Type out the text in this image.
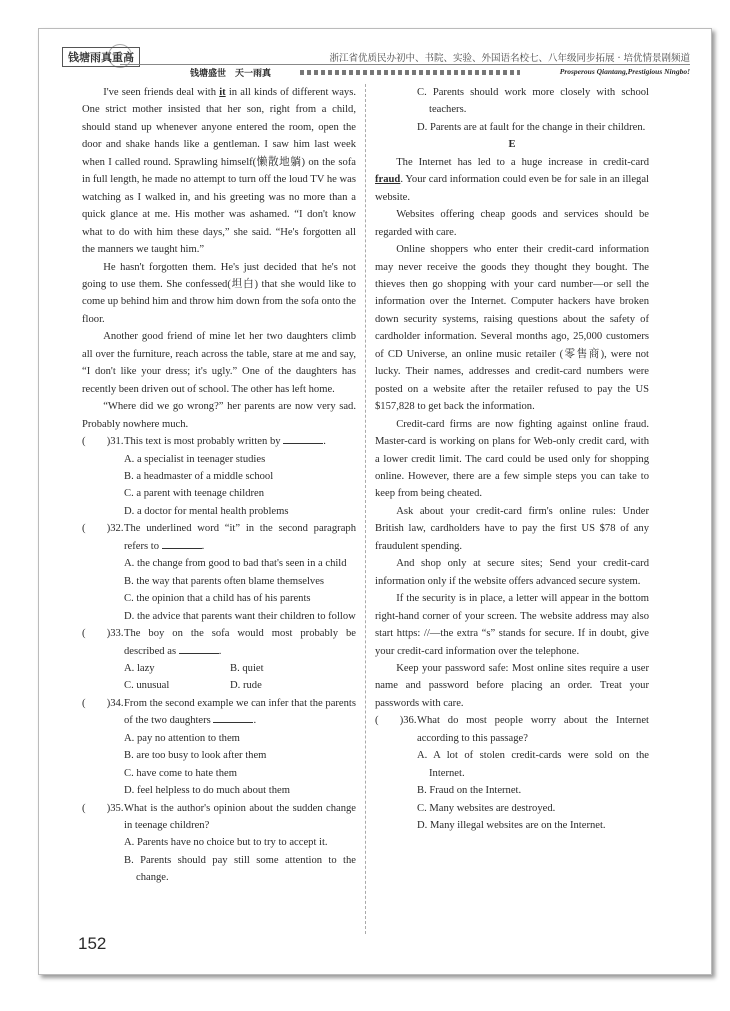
钱塘雨真重高	浙江省优质民办初中、书院、实验、外国语名校七、八年级同步拓展 · 培优情景剧频道
钱塘盛世　天一雨真	Prosperous Qiantang,Prestigious Ningbo!

I've seen friends deal with it in all kinds of different ways. One strict mother insisted that her son, right from a child, should stand up whenever anyone entered the room, open the door and shake hands like a gentleman. I saw him last week when I called round. Sprawling himself(懒散地躺) on the sofa in full length, he made no attempt to turn off the loud TV he was watching as I walked in, and his greeting was no more than a quick glance at me. His mother was ashamed. “I don't know what to do with him these days,” she said. “He's forgotten all the manners we taught him.”

He hasn't forgotten them. He's just decided that he's not going to use them. She confessed(坦白) that she would like to come up behind him and throw him down from the sofa onto the floor.

Another good friend of mine let her two daughters climb all over the furniture, reach across the table, stare at me and say, “I don't like your dress; it's ugly.” One of the daughters has recently been driven out of school. The other has left home.

“Where did we go wrong?” her parents are now very sad. Probably nowhere much.

(　　)31. This text is most probably written by	.
A. a specialist in teenager studies
B. a headmaster of a middle school
C. a parent with teenage children
D. a doctor for mental health problems
(　　)32. The underlined word “it” in the second paragraph refers to	.
A. the change from good to bad that's seen in a child
B. the way that parents often blame themselves
C. the opinion that a child has of his parents
D. the advice that parents want their children to follow
(　　)33. The boy on the sofa would most probably be described as	.
A. lazy	B. quiet
C. unusual	D. rude
(　　)34. From the second example we can infer that the parents of the two daughters	.
A. pay no attention to them
B. are too busy to look after them
C. have come to hate them
D. feel helpless to do much about them
(　　)35. What is the author's opinion about the sudden change in teenage children?
A. Parents have no choice but to try to accept it.
B. Parents should pay still some attention to the change.
C. Parents should work more closely with school teachers.
D. Parents are at fault for the change in their children.

E

The Internet has led to a huge increase in credit-card fraud. Your card information could even be for sale in an illegal website.

Websites offering cheap goods and services should be regarded with care.

Online shoppers who enter their credit-card information may never receive the goods they thought they bought. The thieves then go shopping with your card number—or sell the information over the Internet. Computer hackers have broken down security systems, raising questions about the safety of cardholder information. Several months ago, 25,000 customers of CD Universe, an online music retailer (零售商), were not lucky. Their names, addresses and credit-card numbers were posted on a website after the retailer refused to pay the US $157,828 to get back the information.

Credit-card firms are now fighting against online fraud. Master-card is working on plans for Web-only credit card, with a lower credit limit. The card could be used only for shopping online. However, there are a few simple steps you can take to keep from being cheated.

Ask about your credit-card firm's online rules: Under British law, cardholders have to pay the first US $78 of any fraudulent spending.

And shop only at secure sites; Send your credit-card information only if the website offers advanced secure system.

If the security is in place, a letter will appear in the bottom right-hand corner of your screen. The website address may also start https: //—the extra “s” stands for secure. If in doubt, give your credit-card information over the telephone.

Keep your password safe: Most online sites require a user name and password before placing an order. Treat your passwords with care.

(　　)36. What do most people worry about the Internet according to this passage?
A. A lot of stolen credit-cards were sold on the Internet.
B. Fraud on the Internet.
C. Many websites are destroyed.
D. Many illegal websites are on the Internet.
152
